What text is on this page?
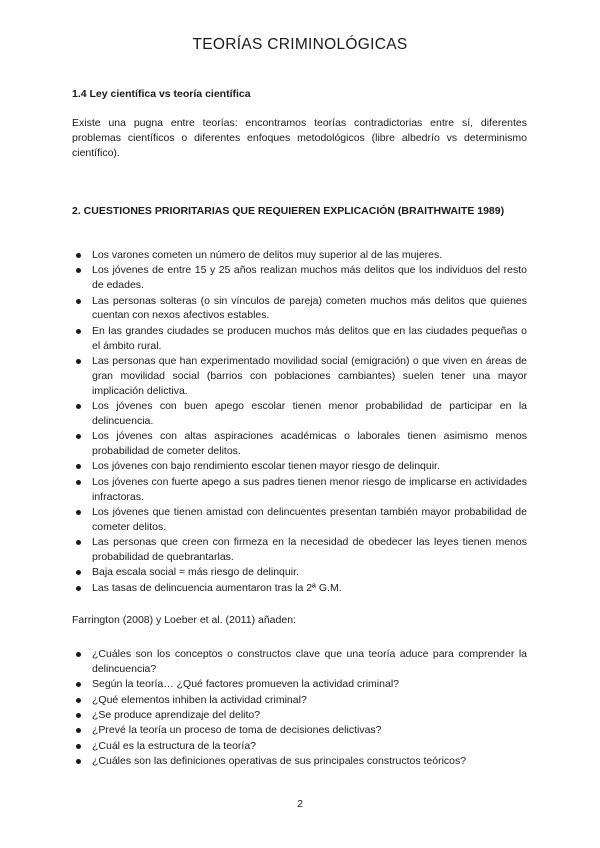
TEORÍAS CRIMINOLÓGICAS
1.4 Ley científica vs teoría científica

Existe una pugna entre teorías: encontramos teorías contradictorias entre sí, diferentes problemas científicos o diferentes enfoques metodológicos (libre albedrío vs determinismo científico).

2. CUESTIONES PRIORITARIAS QUE REQUIEREN EXPLICACIÓN (BRAITHWAITE 1989)
Los varones cometen un número de delitos muy superior al de las mujeres.
Los jóvenes de entre 15 y 25 años realizan muchos más delitos que los individuos del resto de edades.
Las personas solteras (o sin vínculos de pareja) cometen muchos más delitos que quienes cuentan con nexos afectivos estables.
En las grandes ciudades se producen muchos más delitos que en las ciudades pequeñas o el ámbito rural.
Las personas que han experimentado movilidad social (emigración) o que viven en áreas de gran movilidad social (barrios con poblaciones cambiantes) suelen tener una mayor implicación delictiva.
Los jóvenes con buen apego escolar tienen menor probabilidad de participar en la delincuencia.
Los jóvenes con altas aspiraciones académicas o laborales tienen asimismo menos probabilidad de cometer delitos.
Los jóvenes con bajo rendimiento escolar tienen mayor riesgo de delinquir.
Los jóvenes con fuerte apego a sus padres tienen menor riesgo de implicarse en actividades infractoras.
Los jóvenes que tienen amistad con delincuentes presentan también mayor probabilidad de cometer delitos.
Las personas que creen con firmeza en la necesidad de obedecer las leyes tienen menos probabilidad de quebrantarlas.
Baja escala social = más riesgo de delinquir.
Las tasas de delincuencia aumentaron tras la 2ª G.M.

Farrington (2008) y Loeber et al. (2011) añaden:

¿Cuáles son los conceptos o constructos clave que una teoría aduce para comprender la delincuencia?
Según la teoría… ¿Qué factores promueven la actividad criminal?
¿Qué elementos inhiben la actividad criminal?
¿Se produce aprendizaje del delito?
¿Prevé la teoría un proceso de toma de decisiones delictivas?
¿Cuál es la estructura de la teoría?
¿Cuáles son las definiciones operativas de sus principales constructos teóricos?
2
